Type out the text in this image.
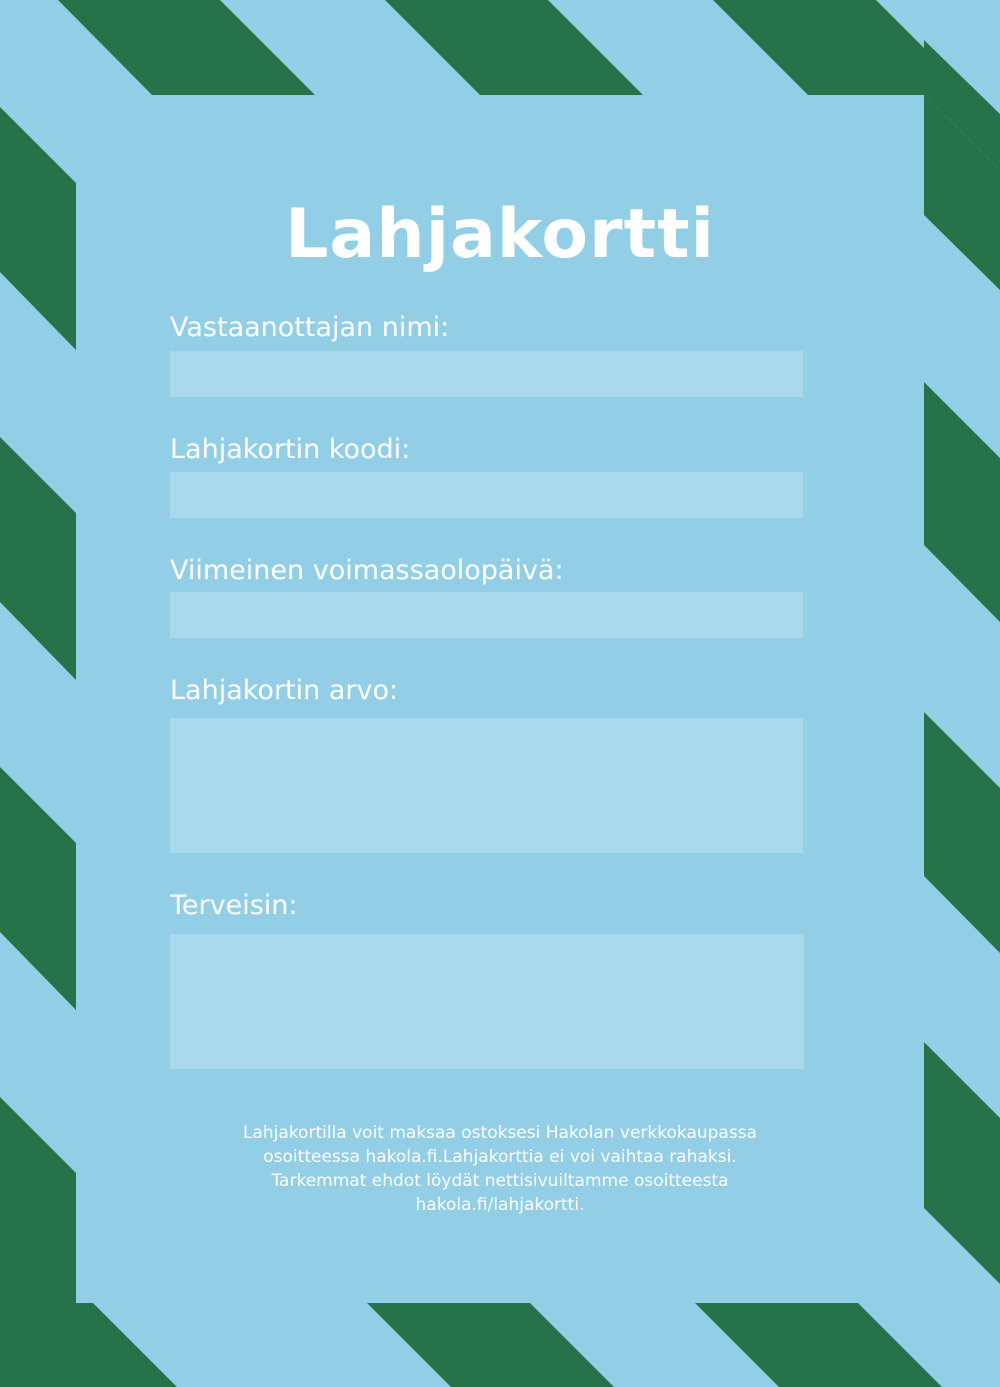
Lahjakortti
Vastaanottajan nimi:
Lahjakortin koodi:
Viimeinen voimassaolopäivä:
Lahjakortin arvo:
Terveisin:
Lahjakortilla voit maksaa ostoksesi Hakolan verkkokaupassa
osoitteessa hakola.fi.Lahjakorttia ei voi vaihtaa rahaksi.
Tarkemmat ehdot löydät nettisivuiltamme osoitteesta
hakola.fi/lahjakortti.
